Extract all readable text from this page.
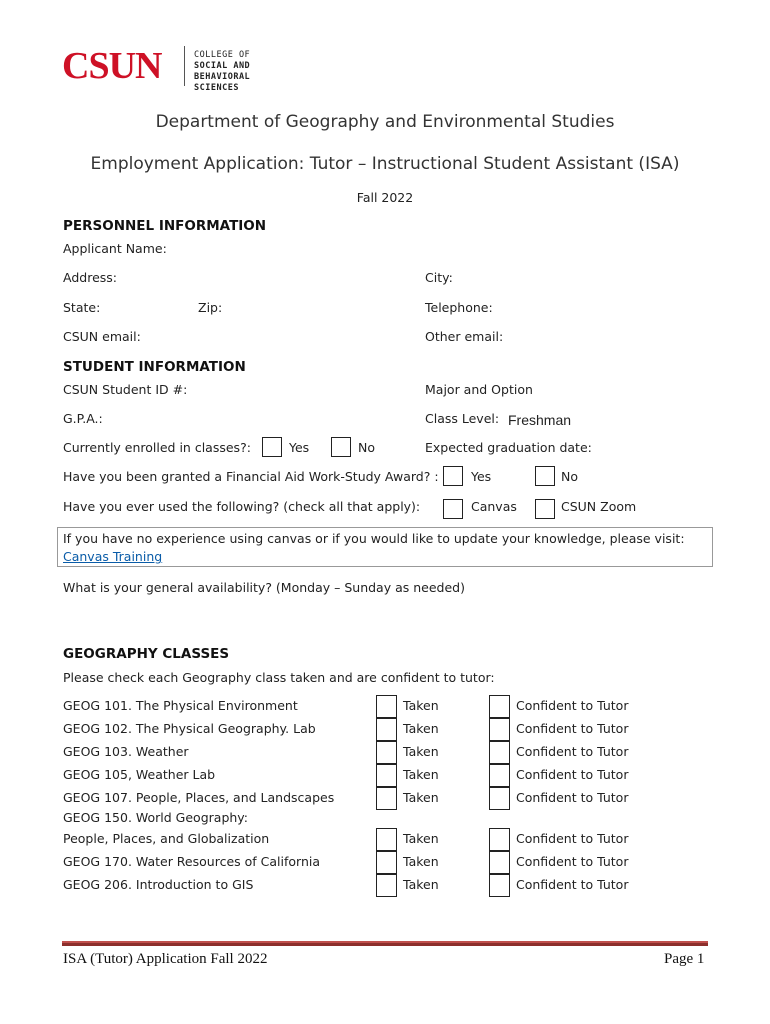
CSUN	COLLEGE OF
SOCIAL AND
BEHAVIORAL SCIENCES
Department of Geography and Environmental Studies
Employment Application: Tutor – Instructional Student Assistant (ISA)
Fall 2022
PERSONNEL INFORMATION
Applicant Name:
Address:	City:
State:	Zip:	Telephone:
CSUN email:	Other email:
STUDENT INFORMATION
CSUN Student ID #:	Major and Option
G.P.A.:	Class Level: Freshman
Currently enrolled in classes?:	Yes	No	Expected graduation date:
Have you been granted a Financial Aid Work-Study Award? :	Yes	No
Have you ever used the following? (check all that apply):	Canvas	CSUN Zoom
If you have no experience using canvas or if you would like to update your knowledge, please visit:
Canvas Training
What is your general availability? (Monday – Sunday as needed)
GEOGRAPHY CLASSES
Please check each Geography class taken and are confident to tutor:
GEOG 101. The Physical Environment	Taken	Confident to Tutor
GEOG 102. The Physical Geography. Lab	Taken	Confident to Tutor
GEOG 103. Weather	Taken	Confident to Tutor
GEOG 105, Weather Lab	Taken	Confident to Tutor
GEOG 107. People, Places, and Landscapes	Taken	Confident to Tutor
GEOG 150. World Geography:
People, Places, and Globalization	Taken	Confident to Tutor
GEOG 170. Water Resources of California	Taken	Confident to Tutor
GEOG 206. Introduction to GIS	Taken	Confident to Tutor
ISA (Tutor) Application Fall 2022	Page 1
